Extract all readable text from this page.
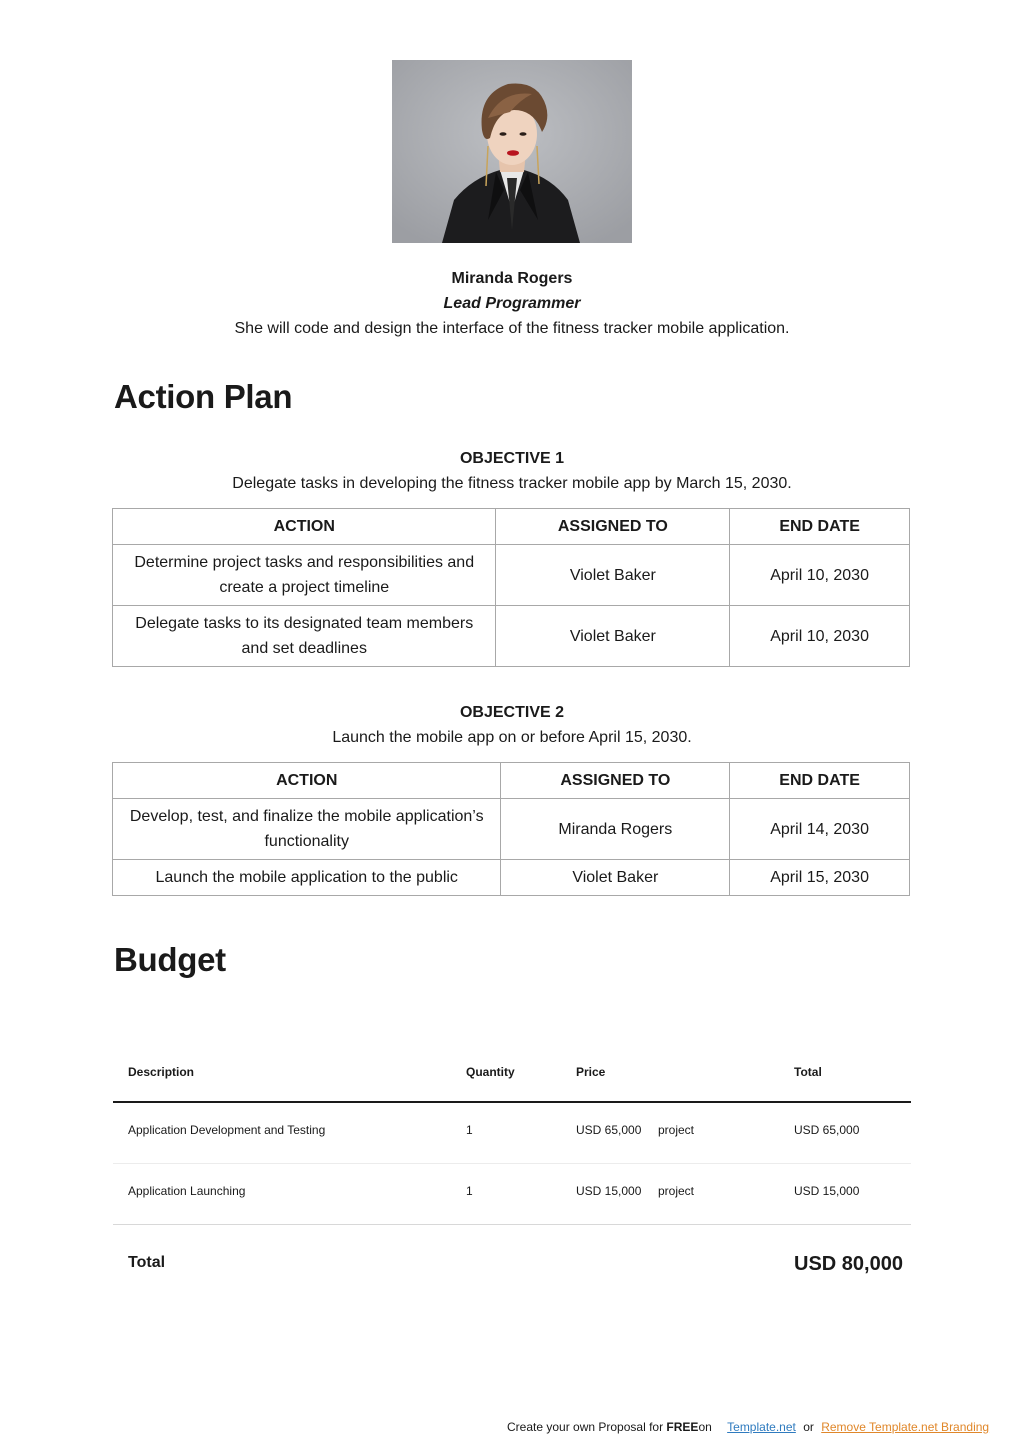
Miranda Rogers
Lead Programmer
She will code and design the interface of the fitness tracker mobile application.
Action Plan
OBJECTIVE 1
Delegate tasks in developing the fitness tracker mobile app by March 15, 2030.
ACTION	ASSIGNED TO	END DATE
Determine project tasks and responsibilities and create a project timeline	Violet Baker	April 10, 2030
Delegate tasks to its designated team members and set deadlines	Violet Baker	April 10, 2030
OBJECTIVE 2
Launch the mobile app on or before April 15, 2030.
ACTION	ASSIGNED TO	END DATE
Develop, test, and finalize the mobile application’s functionality	Miranda Rogers	April 14, 2030
Launch the mobile application to the public	Violet Baker	April 15, 2030
Budget
Description	Quantity	Price	Total
Application Development and Testing	1	USD 65,000 project	USD 65,000
Application Launching	1	USD 15,000 project	USD 15,000
Total	USD 80,000
Create your own Proposal for FREEon Template.net or Remove Template.net Branding
